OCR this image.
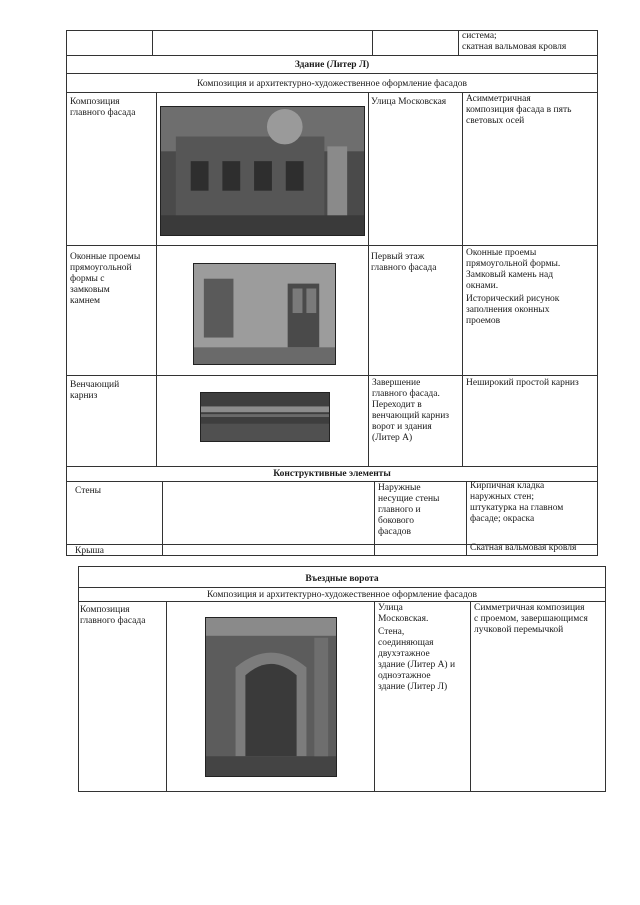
система;
скатная вальмовая кровля
Здание (Литер Л)
Композиция и архитектурно-художественное оформление фасадов
Композиция
главного фасада
Улица Московская Асимметричная
композиция фасада в пять
световых осей
Оконные проемы
прямоугольной
формы с
замковым
камнем
Первый этаж
главного фасада
Оконные проемы
прямоугольной формы.
Замковый камень над
окнами.
Исторический рисунок
заполнения оконных
проемов
Венчающий
карниз
Завершение
главного фасада.
Переходит в
венчающий карниз
ворот и здания
(Литер А)
Неширокий простой карниз
Конструктивные элементы
Стены	Наружные
несущие стены
главного и
бокового
фасадов
Кирпичная кладка
наружных стен;
штукатурка на главном
фасаде; окраска
Крыша	Скатная вальмовая кровля
Въездные ворота
Композиция и архитектурно-художественное оформление фасадов
Композиция
главного фасада
Улица
Московская.
Стена,
соединяющая
двухэтажное
здание (Литер А) и
одноэтажное
здание (Литер Л)
Симметричная композиция
с проемом, завершающимся
лучковой перемычкой
